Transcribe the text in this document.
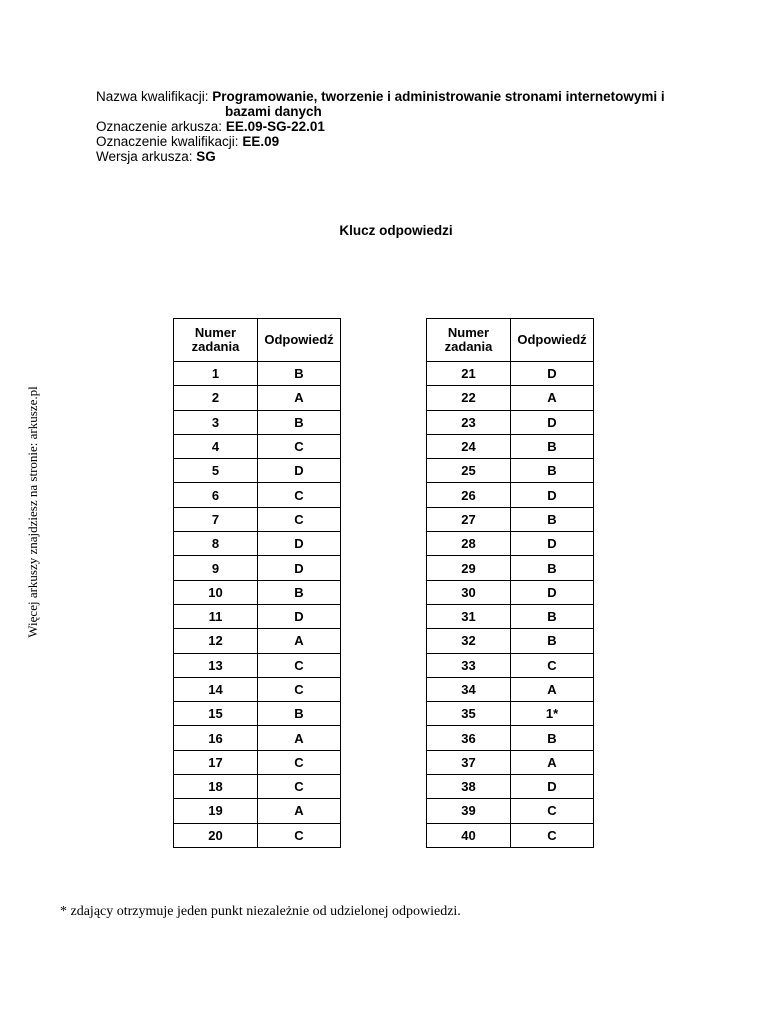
Nazwa kwalifikacji: Programowanie, tworzenie i administrowanie stronami internetowymi i
bazami danych
Oznaczenie arkusza: EE.09-SG-22.01
Oznaczenie kwalifikacji: EE.09
Wersja arkusza: SG
Klucz odpowiedzi
Więcej arkuszy znajdziesz na stronie: arkusze.pl
Numer
zadania	Odpowiedź
1	B
2	A
3	B
4	C
5	D
6	C
7	C
8	D
9	D
10	B
11	D
12	A
13	C
14	C
15	B
16	A
17	C
18	C
19	A
20	C
Numer
zadania	Odpowiedź
21	D
22	A
23	D
24	B
25	B
26	D
27	B
28	D
29	B
30	D
31	B
32	B
33	C
34	A
35	1*
36	B
37	A
38	D
39	C
40	C
* zdający otrzymuje jeden punkt niezależnie od udzielonej odpowiedzi.
